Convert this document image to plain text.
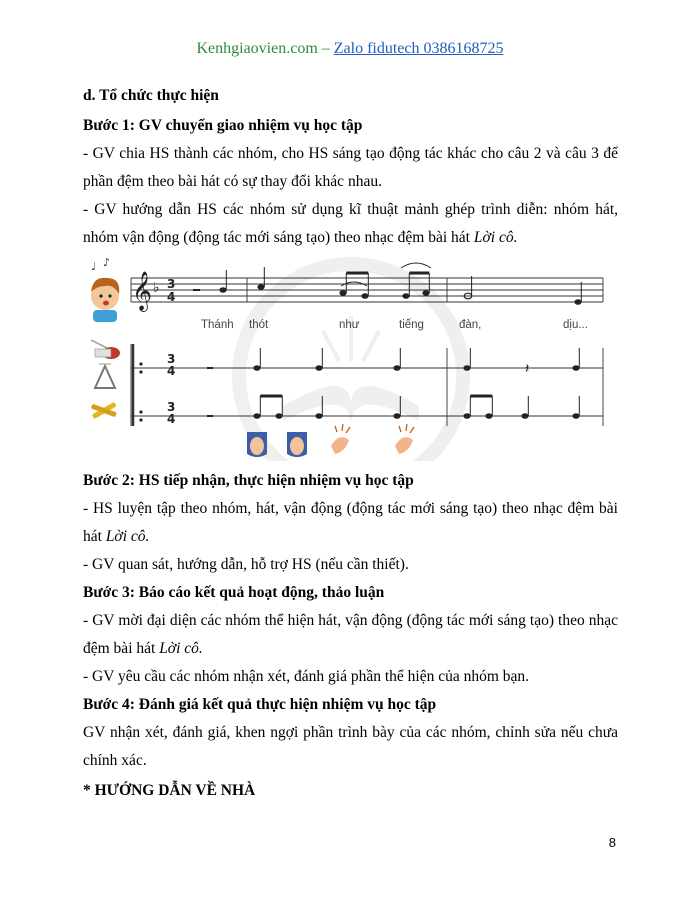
Kenhgiaovien.com – Zalo fidutech 0386168725
d. Tổ chức thực hiện
Bước 1: GV chuyển giao nhiệm vụ học tập
- GV chia HS thành các nhóm, cho HS sáng tạo động tác khác cho câu 2 và câu 3 để phần đệm theo bài hát có sự thay đổi khác nhau.
- GV hướng dẫn HS các nhóm sử dụng kĩ thuật mảnh ghép trình diễn: nhóm hát, nhóm vận động (động tác mới sáng tạo) theo nhạc đệm bài hát Lời cô.
♩ ♪
𝄞 ♭ 3
4
Thánh thót	như	tiếng	đàn,	dịu...
3
4
3
4
𝄽
Bước 2: HS tiếp nhận, thực hiện nhiệm vụ học tập
- HS luyện tập theo nhóm, hát, vận động (động tác mới sáng tạo) theo nhạc đệm bài hát Lời cô.
- GV quan sát, hướng dẫn, hỗ trợ HS (nếu cần thiết).
Bước 3: Báo cáo kết quả hoạt động, thảo luận
- GV mời đại diện các nhóm thể hiện hát, vận động (động tác mới sáng tạo) theo nhạc đệm bài hát Lời cô.
- GV yêu cầu các nhóm nhận xét, đánh giá phần thể hiện của nhóm bạn.
Bước 4: Đánh giá kết quả thực hiện nhiệm vụ học tập
GV nhận xét, đánh giá, khen ngợi phần trình bày của các nhóm, chỉnh sửa nếu chưa chính xác.
* HƯỚNG DẪN VỀ NHÀ
8
